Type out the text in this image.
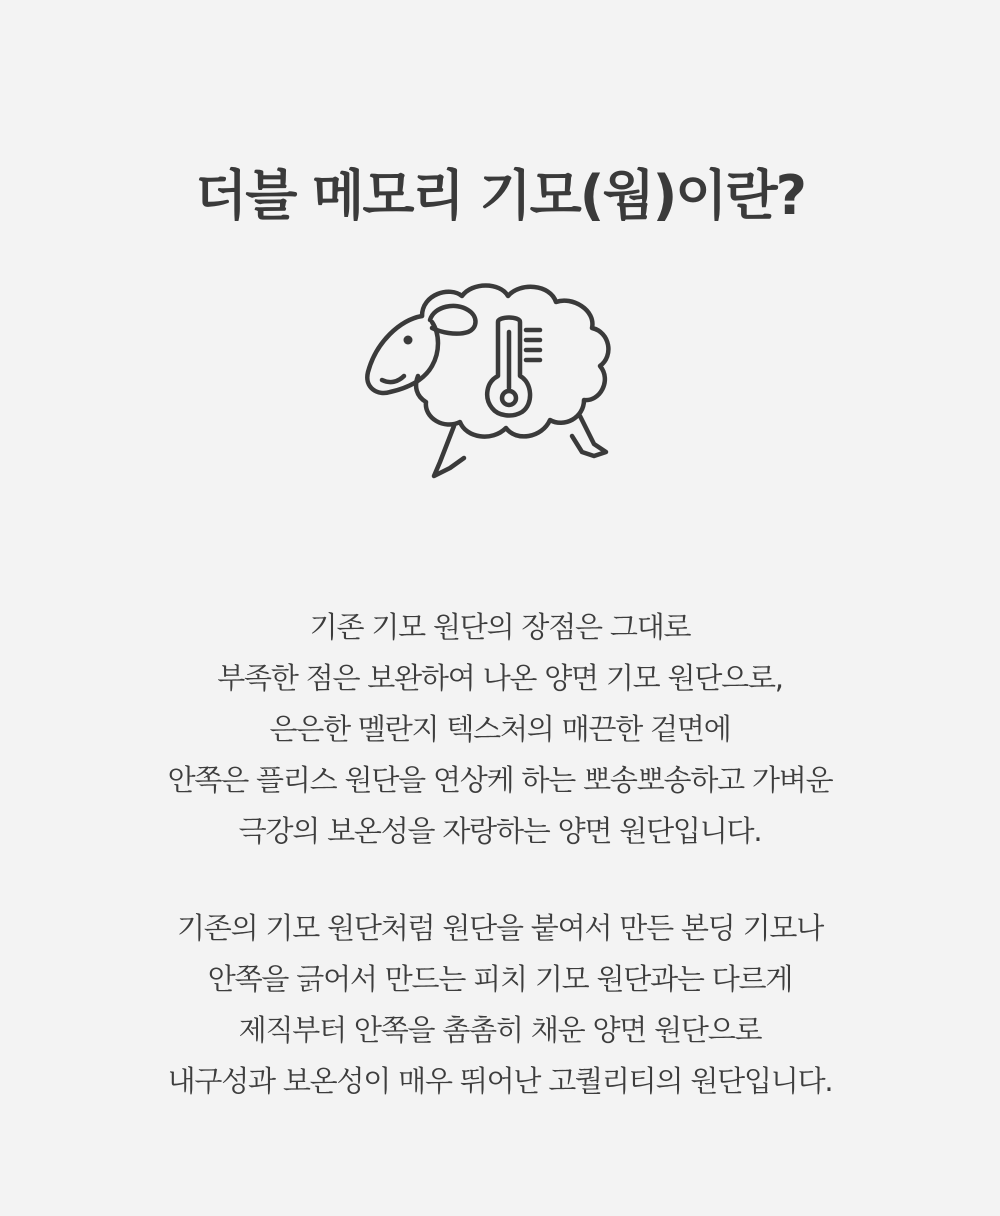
더블 메모리 기모(웜)이란?
기존 기모 원단의 장점은 그대로
부족한 점은 보완하여 나온 양면 기모 원단으로,
은은한 멜란지 텍스처의 매끈한 겉면에
안쪽은 플리스 원단을 연상케 하는 뽀송뽀송하고 가벼운
극강의 보온성을 자랑하는 양면 원단입니다.
기존의 기모 원단처럼 원단을 붙여서 만든 본딩 기모나
안쪽을 긁어서 만드는 피치 기모 원단과는 다르게
제직부터 안쪽을 촘촘히 채운 양면 원단으로
내구성과 보온성이 매우 뛰어난 고퀄리티의 원단입니다.
